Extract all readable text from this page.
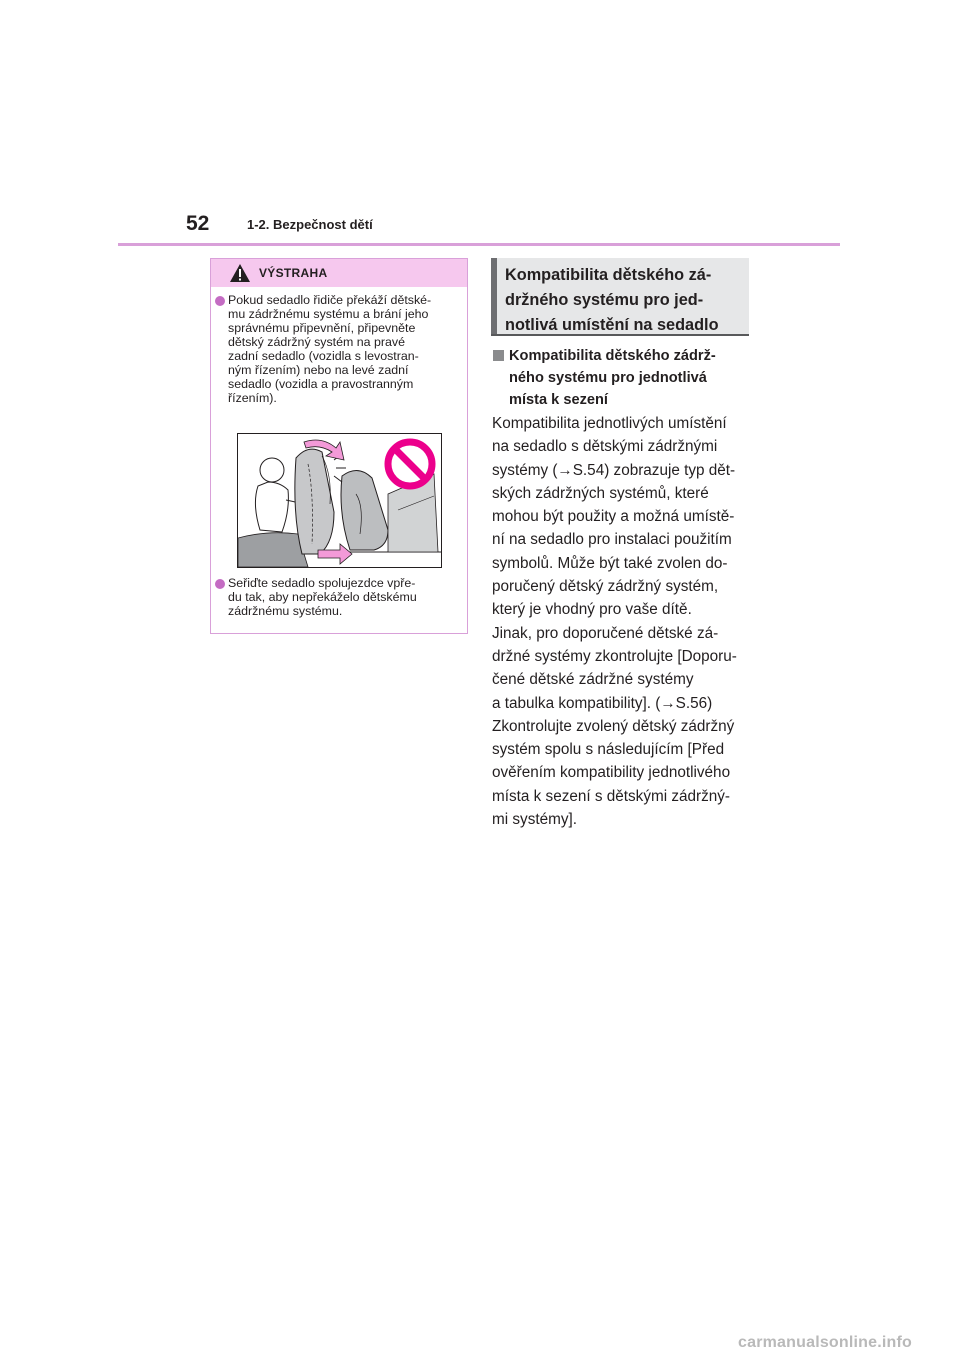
52	1-2. Bezpečnost dětí
VÝSTRAHA
Pokud sedadlo řidiče překáží dětské-
mu zádržnému systému a brání jeho
správnému připevnění, připevněte
dětský zádržný systém na pravé
zadní sedadlo (vozidla s levostran-
ným řízením) nebo na levé zadní
sedadlo (vozidla a pravostranným
řízením).
Seřiďte sedadlo spolujezdce vpře-
du tak, aby nepřekáželo dětskému
zádržnému systému.
Kompatibilita dětského zá-
držného systému pro jed-
notlivá umístění na sedadlo
Kompatibilita dětského zádrž-
ného systému pro jednotlivá
místa k sezení
Kompatibilita jednotlivých umístění
na sedadlo s dětskými zádržnými
systémy (→S.54) zobrazuje typ dět-
ských zádržných systémů, které
mohou být použity a možná umístě-
ní na sedadlo pro instalaci použitím
symbolů. Může být také zvolen do-
poručený dětský zádržný systém,
který je vhodný pro vaše dítě.
Jinak, pro doporučené dětské zá-
držné systémy zkontrolujte [Doporu-
čené dětské zádržné systémy
a tabulka kompatibility]. (→S.56)
Zkontrolujte zvolený dětský zádržný
systém spolu s následujícím [Před
ověřením kompatibility jednotlivého
místa k sezení s dětskými zádržný-
mi systémy].
carmanualsonline.info
